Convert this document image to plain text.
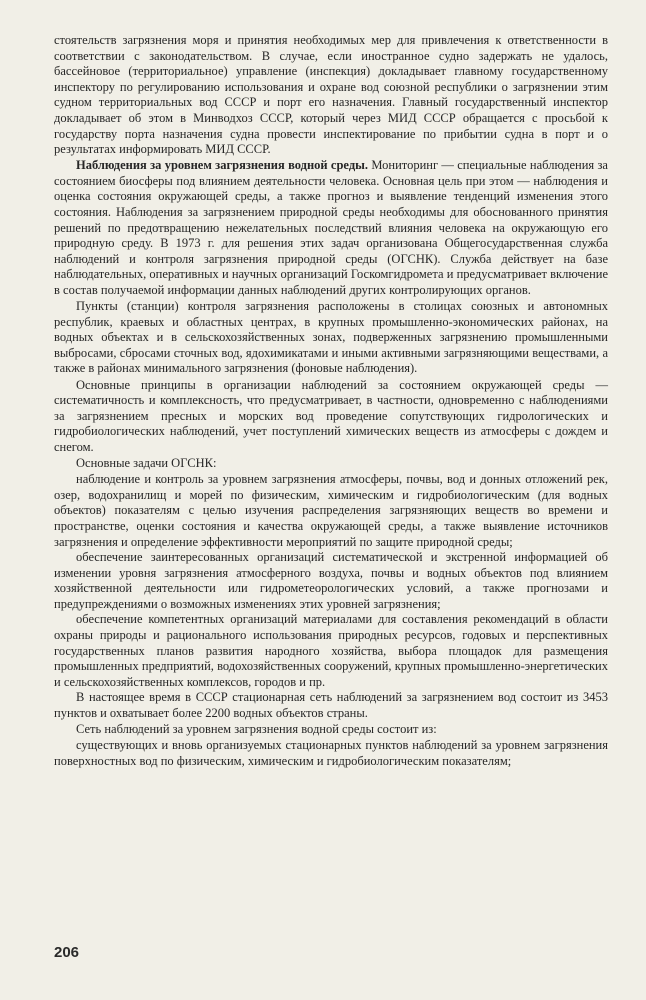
стоятельств загрязнения моря и принятия необходимых мер для привлечения к ответственности в соответствии с законодательством. В случае, если иностранное судно задержать не удалось, бассейновое (территориальное) управление (инспекция) докладывает главному государственному инспектору по регулированию использования и охране вод союзной республики о загрязнении этим судном территориальных вод СССР и порт его назначения. Главный государственный инспектор докладывает об этом в Минводхоз СССР, который через МИД СССР обращается с просьбой к государству порта назначения судна провести инспектирование по прибытии судна в порт и о результатах информировать МИД СССР.

Наблюдения за уровнем загрязнения водной среды. Мониторинг — специальные наблюдения за состоянием биосферы под влиянием деятельности человека. Основная цель при этом — наблюдения и оценка состояния окружающей среды, а также прогноз и выявление тенденций изменения этого состояния. Наблюдения за загрязнением природной среды необходимы для обоснованного принятия решений по предотвращению нежелательных последствий влияния человека на окружающую его природную среду. В 1973 г. для решения этих задач организована Общегосударственная служба наблюдений и контроля загрязнения природной среды (ОГСНК). Служба действует на базе наблюдательных, оперативных и научных организаций Госкомгидромета и предусматривает включение в состав получаемой информации данных наблюдений других контролирующих органов.

Пункты (станции) контроля загрязнения расположены в столицах союзных и автономных республик, краевых и областных центрах, в крупных промышленно-экономических районах, на водных объектах и в сельскохозяйственных зонах, подверженных загрязнению промышленными выбросами, сбросами сточных вод, ядохимикатами и иными активными загрязняющими веществами, а также в районах минимального загрязнения (фоновые наблюдения).

Основные принципы в организации наблюдений за состоянием окружающей среды — систематичность и комплексность, что предусматривает, в частности, одновременно с наблюдениями за загрязнением пресных и морских вод проведение сопутствующих гидрологических и гидробиологических наблюдений, учет поступлений химических веществ из атмосферы с дождем и снегом.

Основные задачи ОГСНК:

наблюдение и контроль за уровнем загрязнения атмосферы, почвы, вод и донных отложений рек, озер, водохранилищ и морей по физическим, химическим и гидробиологическим (для водных объектов) показателям с целью изучения распределения загрязняющих веществ во времени и пространстве, оценки состояния и качества окружающей среды, а также выявление источников загрязнения и определение эффективности мероприятий по защите природной среды;

обеспечение заинтересованных организаций систематической и экстренной информацией об изменении уровня загрязнения атмосферного воздуха, почвы и водных объектов под влиянием хозяйственной деятельности или гидрометеорологических условий, а также прогнозами и предупреждениями о возможных изменениях этих уровней загрязнения;

обеспечение компетентных организаций материалами для составления рекомендаций в области охраны природы и рационального использования природных ресурсов, годовых и перспективных государственных планов развития народного хозяйства, выбора площадок для размещения промышленных предприятий, водохозяйственных сооружений, крупных промышленно-энергетических и сельскохозяйственных комплексов, городов и пр.

В настоящее время в СССР стационарная сеть наблюдений за загрязнением вод состоит из 3453 пунктов и охватывает более 2200 водных объектов страны.

Сеть наблюдений за уровнем загрязнения водной среды состоит из:

существующих и вновь организуемых стационарных пунктов наблюдений за уровнем загрязнения поверхностных вод по физическим, химическим и гидробиологическим показателям;

206
